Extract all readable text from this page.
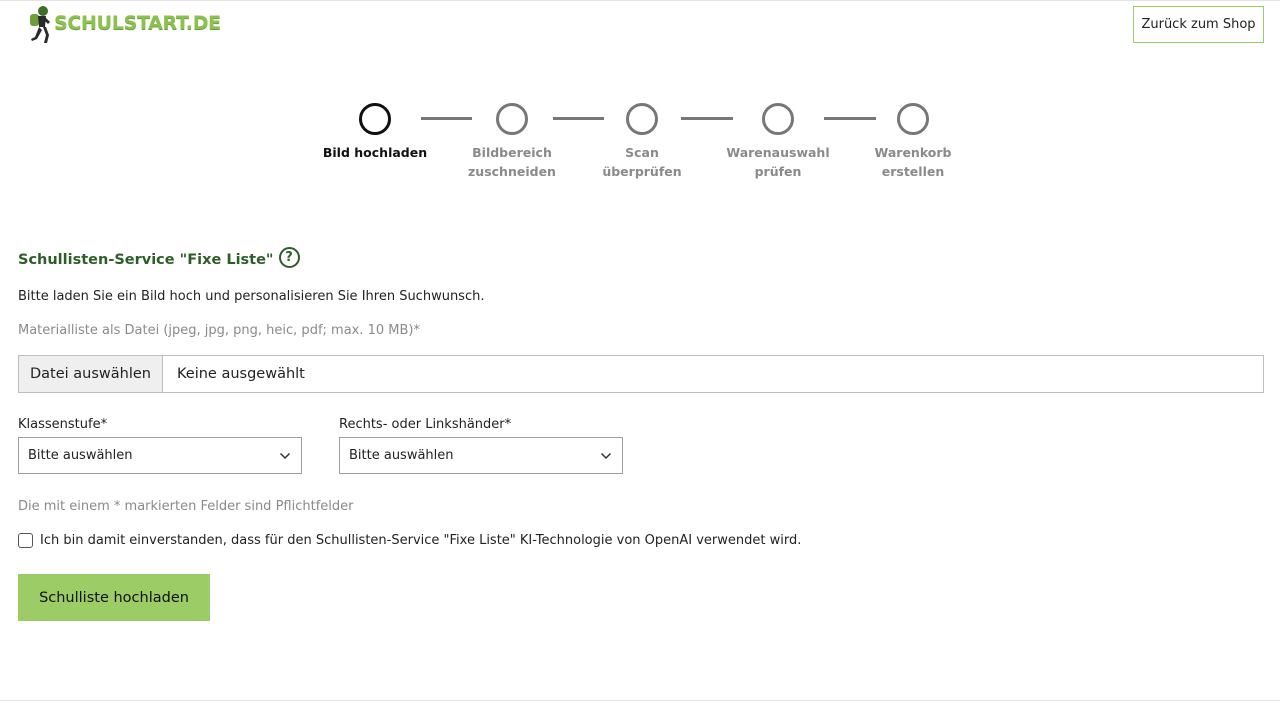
SCHULSTART.DE	Zurück zum Shop
Bild hochladen	Bildbereich
zuschneiden
Scan
überprüfen
Warenauswahl
prüfen
Warenkorb
erstellen
Schullisten-Service "Fixe Liste" ?
Bitte laden Sie ein Bild hoch und personalisieren Sie Ihren Suchwunsch.
Materialliste als Datei (jpeg, jpg, png, heic, pdf; max. 10 MB)*
Datei auswählen	Keine ausgewählt
Klassenstufe*
Bitte auswählen
Rechts- oder Linkshänder*
Bitte auswählen
Die mit einem * markierten Felder sind Pflichtfelder
Ich bin damit einverstanden, dass für den Schullisten-Service "Fixe Liste" KI-Technologie von OpenAI verwendet wird.
Schulliste hochladen
